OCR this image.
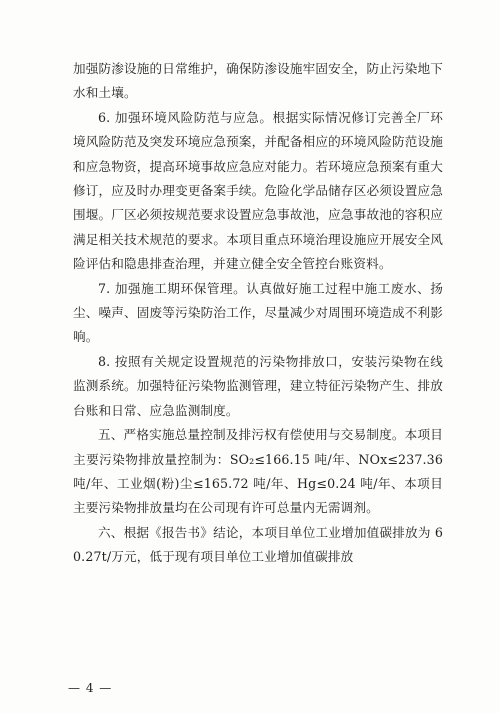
加强防渗设施的日常维护，确保防渗设施牢固安全，防止污染地下水和土壤。

6. 加强环境风险防范与应急。根据实际情况修订完善全厂环境风险防范及突发环境应急预案，并配备相应的环境风险防范设施和应急物资，提高环境事故应急应对能力。若环境应急预案有重大修订，应及时办理变更备案手续。危险化学品储存区必须设置应急围堰。厂区必须按规范要求设置应急事故池，应急事故池的容积应满足相关技术规范的要求。本项目重点环境治理设施应开展安全风险评估和隐患排查治理，并建立健全安全管控台账资料。

7. 加强施工期环保管理。认真做好施工过程中施工废水、扬尘、噪声、固废等污染防治工作，尽量减少对周围环境造成不利影响。

8. 按照有关规定设置规范的污染物排放口，安装污染物在线监测系统。加强特征污染物监测管理，建立特征污染物产生、排放台账和日常、应急监测制度。

五、严格实施总量控制及排污权有偿使用与交易制度。本项目主要污染物排放量控制为：SO₂≤166.15 吨/年、NOx≤237.36 吨/年、工业烟(粉)尘≤165.72 吨/年、Hg≤0.24 吨/年、本项目主要污染物排放量均在公司现有许可总量内无需调剂。

六、根据《报告书》结论，本项目单位工业增加值碳排放为 60.27t/万元，低于现有项目单位工业增加值碳排放

— 4 —
